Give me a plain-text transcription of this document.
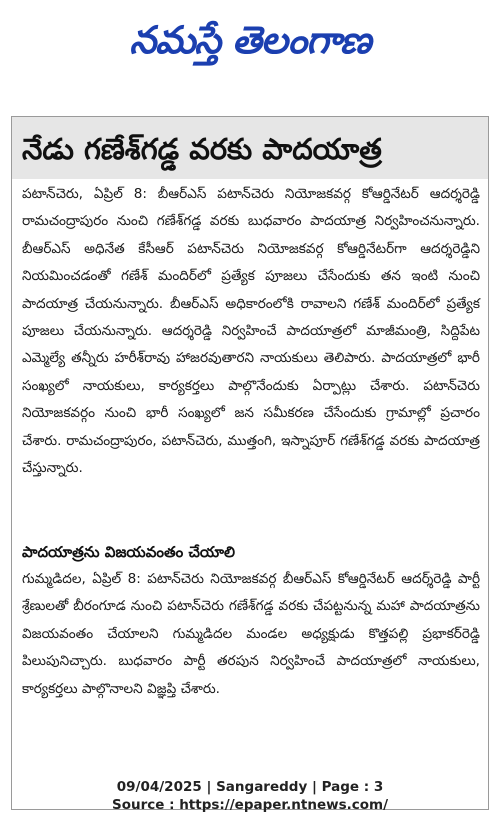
నమస్తే తెలంగాణ
నేడు గణేశ్‌గడ్డ వరకు పాదయాత్ర

పటాన్‌చెరు, ఏప్రిల్‌ 8: బీఆర్‌ఎస్‌ పటాన్‌చెరు నియోజకవర్గ కోఆర్డినేటర్‌ ఆదర్శరెడ్డి రామచంద్రాపురం నుంచి గణేశ్‌గడ్డ వరకు బుధవారం పాదయాత్ర నిర్వహించనున్నారు. బీఆర్‌ఎస్‌ అధినేత కేసీఆర్‌ పటాన్‌చెరు నియోజకవర్గ కోఆర్డినేటర్‌గా ఆదర్శరెడ్డిని నియమించడంతో గణేశ్‌ మందిర్‌లో ప్రత్యేక పూజలు చేసేందుకు తన ఇంటి నుంచి పాదయాత్ర చేయనున్నారు. బీఆర్‌ఎస్‌ అధికారంలోకి రావాలని గణేశ్‌ మందిర్‌లో ప్రత్యేక పూజలు చేయనున్నారు. ఆదర్శరెడ్డి నిర్వహించే పాదయాత్రలో మాజీమంత్రి, సిద్దిపేట ఎమ్మెల్యే తన్నీరు హరీశ్‌రావు హాజరవుతారని నాయకులు తెలిపారు. పాదయాత్రలో భారీ సంఖ్యలో నాయకులు, కార్యకర్తలు పాల్గొనేందుకు ఏర్పాట్లు చేశారు. పటాన్‌చెరు నియోజకవర్గం నుంచి భారీ సంఖ్యలో జన సమీకరణ చేసేందుకు గ్రామాల్లో ప్రచారం చేశారు. రామచంద్రాపురం, పటాన్‌చెరు, ముత్తంగి, ఇస్నాపూర్‌ గణేశ్‌గడ్డ వరకు పాదయాత్ర చేస్తున్నారు.

పాదయాత్రను విజయవంతం చేయాలి

గుమ్మడిదల, ఏప్రిల్‌ 8: పటాన్‌చెరు నియోజకవర్గ బీఆర్‌ఎస్‌ కోఆర్డినేటర్‌ ఆదర్శ్‌రెడ్డి పార్టీ శ్రేణులతో బీరంగూడ నుంచి పటాన్‌చెరు గణేశ్‌గడ్డ వరకు చేపట్టనున్న మహా పాదయాత్రను విజయవంతం చేయాలని గుమ్మడిదల మండల అధ్యక్షుడు కొత్తపల్లి ప్రభాకర్‌రెడ్డి పిలుపునిచ్చారు. బుధవారం పార్టీ తరపున నిర్వహించే పాదయాత్రలో నాయకులు, కార్యకర్తలు పాల్గొనాలని విజ్ఞప్తి చేశారు.

09/04/2025 | Sangareddy | Page : 3
Source : https://epaper.ntnews.com/
